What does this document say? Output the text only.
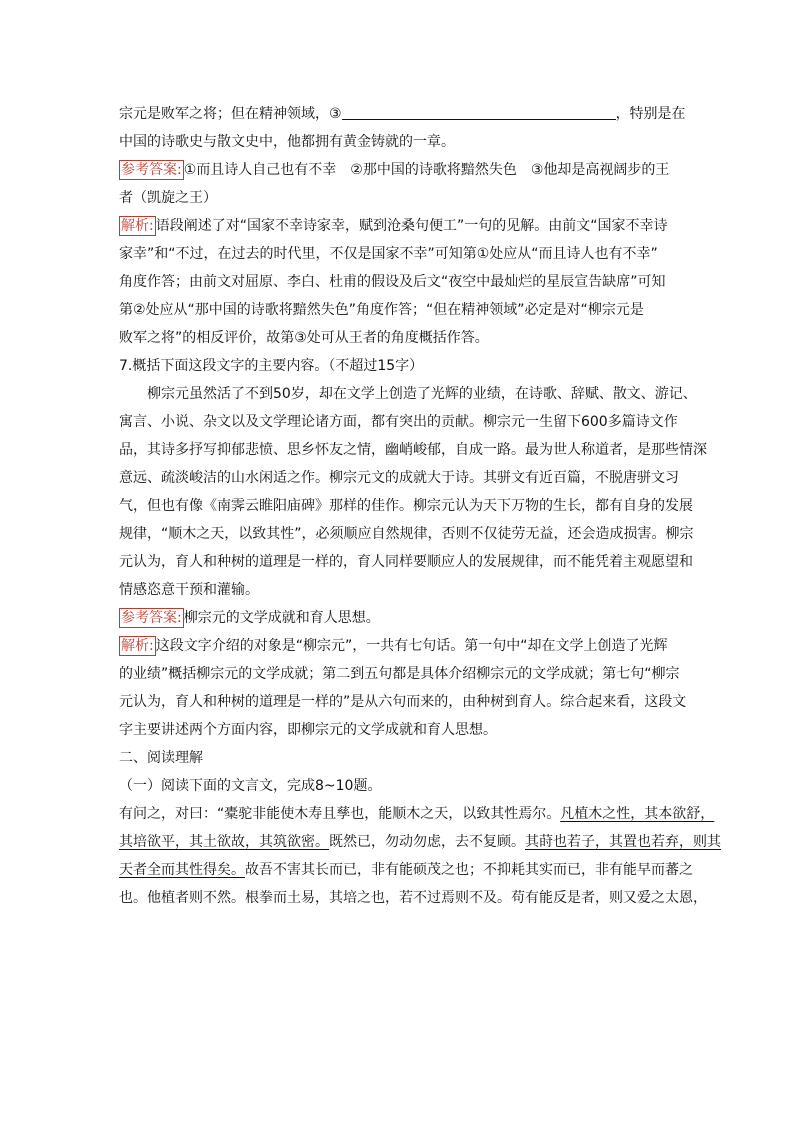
宗元是败军之将；但在精神领域，③	，特别是在
中国的诗歌史与散文史中，他都拥有黄金铸就的一章。
参考答案: ①而且诗人自己也有不幸 ②那中国的诗歌将黯然失色 ③他却是高视阔步的王
者（凯旋之王）
解析: 语段阐述了对“国家不幸诗家幸，赋到沧桑句便工”一句的见解。由前文“国家不幸诗
家幸”和“不过，在过去的时代里，不仅是国家不幸”可知第①处应从“而且诗人也有不幸”
角度作答；由前文对屈原、李白、杜甫的假设及后文“夜空中最灿烂的星辰宣告缺席”可知
第②处应从“那中国的诗歌将黯然失色”角度作答；“但在精神领域”必定是对“柳宗元是
败军之将”的相反评价，故第③处可从王者的角度概括作答。
7.概括下面这段文字的主要内容。（不超过15字）
柳宗元虽然活了不到50岁，却在文学上创造了光辉的业绩，在诗歌、辞赋、散文、游记、
寓言、小说、杂文以及文学理论诸方面，都有突出的贡献。柳宗元一生留下600多篇诗文作
品，其诗多抒写抑郁悲愤、思乡怀友之情，幽峭峻郁，自成一路。最为世人称道者，是那些情深
意远、疏淡峻洁的山水闲适之作。柳宗元文的成就大于诗。其骈文有近百篇，不脱唐骈文习
气，但也有像《南霁云睢阳庙碑》那样的佳作。柳宗元认为天下万物的生长，都有自身的发展
规律，“顺木之天，以致其性”，必须顺应自然规律，否则不仅徒劳无益，还会造成损害。柳宗
元认为，育人和种树的道理是一样的，育人同样要顺应人的发展规律，而不能凭着主观愿望和
情感恣意干预和灌输。
参考答案: 柳宗元的文学成就和育人思想。
解析: 这段文字介绍的对象是“柳宗元”，一共有七句话。第一句中“却在文学上创造了光辉
的业绩”概括柳宗元的文学成就；第二到五句都是具体介绍柳宗元的文学成就；第七句“柳宗
元认为，育人和种树的道理是一样的”是从六句而来的，由种树到育人。综合起来看，这段文
字主要讲述两个方面内容，即柳宗元的文学成就和育人思想。
二、阅读理解
（一）阅读下面的文言文，完成8~10题。
有问之，对曰：“橐驼非能使木寿且孳也，能顺木之天，以致其性焉尔。凡植木之性，其本欲舒，
其培欲平，其土欲故，其筑欲密。既然已，勿动勿虑，去不复顾。其莳也若子，其置也若弃，则其
天者全而其性得矣。故吾不害其长而已，非有能硕茂之也；不抑耗其实而已，非有能早而蕃之
也。他植者则不然。根拳而土易，其培之也，若不过焉则不及。苟有能反是者，则又爱之太恩，
